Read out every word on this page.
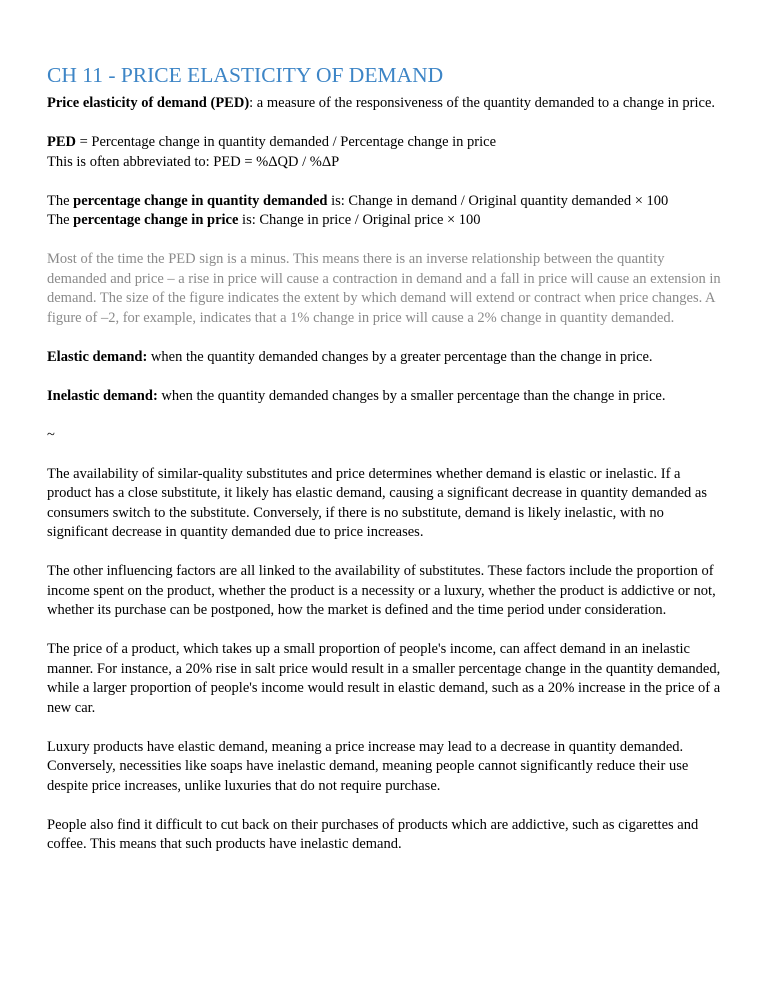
CH 11 - PRICE ELASTICITY OF DEMAND

Price elasticity of demand (PED): a measure of the responsiveness of the quantity demanded to a change in price.

PED = Percentage change in quantity demanded / Percentage change in price
This is often abbreviated to: PED = %ΔQD / %ΔP

The percentage change in quantity demanded is: Change in demand / Original quantity demanded × 100
The percentage change in price is: Change in price / Original price × 100

Most of the time the PED sign is a minus. This means there is an inverse relationship between the quantity demanded and price – a rise in price will cause a contraction in demand and a fall in price will cause an extension in demand. The size of the figure indicates the extent by which demand will extend or contract when price changes. A figure of –2, for example, indicates that a 1% change in price will cause a 2% change in quantity demanded.

Elastic demand: when the quantity demanded changes by a greater percentage than the change in price.

Inelastic demand: when the quantity demanded changes by a smaller percentage than the change in price.

~

The availability of similar-quality substitutes and price determines whether demand is elastic or inelastic. If a product has a close substitute, it likely has elastic demand, causing a significant decrease in quantity demanded as consumers switch to the substitute. Conversely, if there is no substitute, demand is likely inelastic, with no significant decrease in quantity demanded due to price increases.

The other influencing factors are all linked to the availability of substitutes. These factors include the proportion of income spent on the product, whether the product is a necessity or a luxury, whether the product is addictive or not, whether its purchase can be postponed, how the market is defined and the time period under consideration.

The price of a product, which takes up a small proportion of people's income, can affect demand in an inelastic manner. For instance, a 20% rise in salt price would result in a smaller percentage change in the quantity demanded, while a larger proportion of people's income would result in elastic demand, such as a 20% increase in the price of a new car.

Luxury products have elastic demand, meaning a price increase may lead to a decrease in quantity demanded. Conversely, necessities like soaps have inelastic demand, meaning people cannot significantly reduce their use despite price increases, unlike luxuries that do not require purchase.

People also find it difficult to cut back on their purchases of products which are addictive, such as cigarettes and coffee. This means that such products have inelastic demand.
